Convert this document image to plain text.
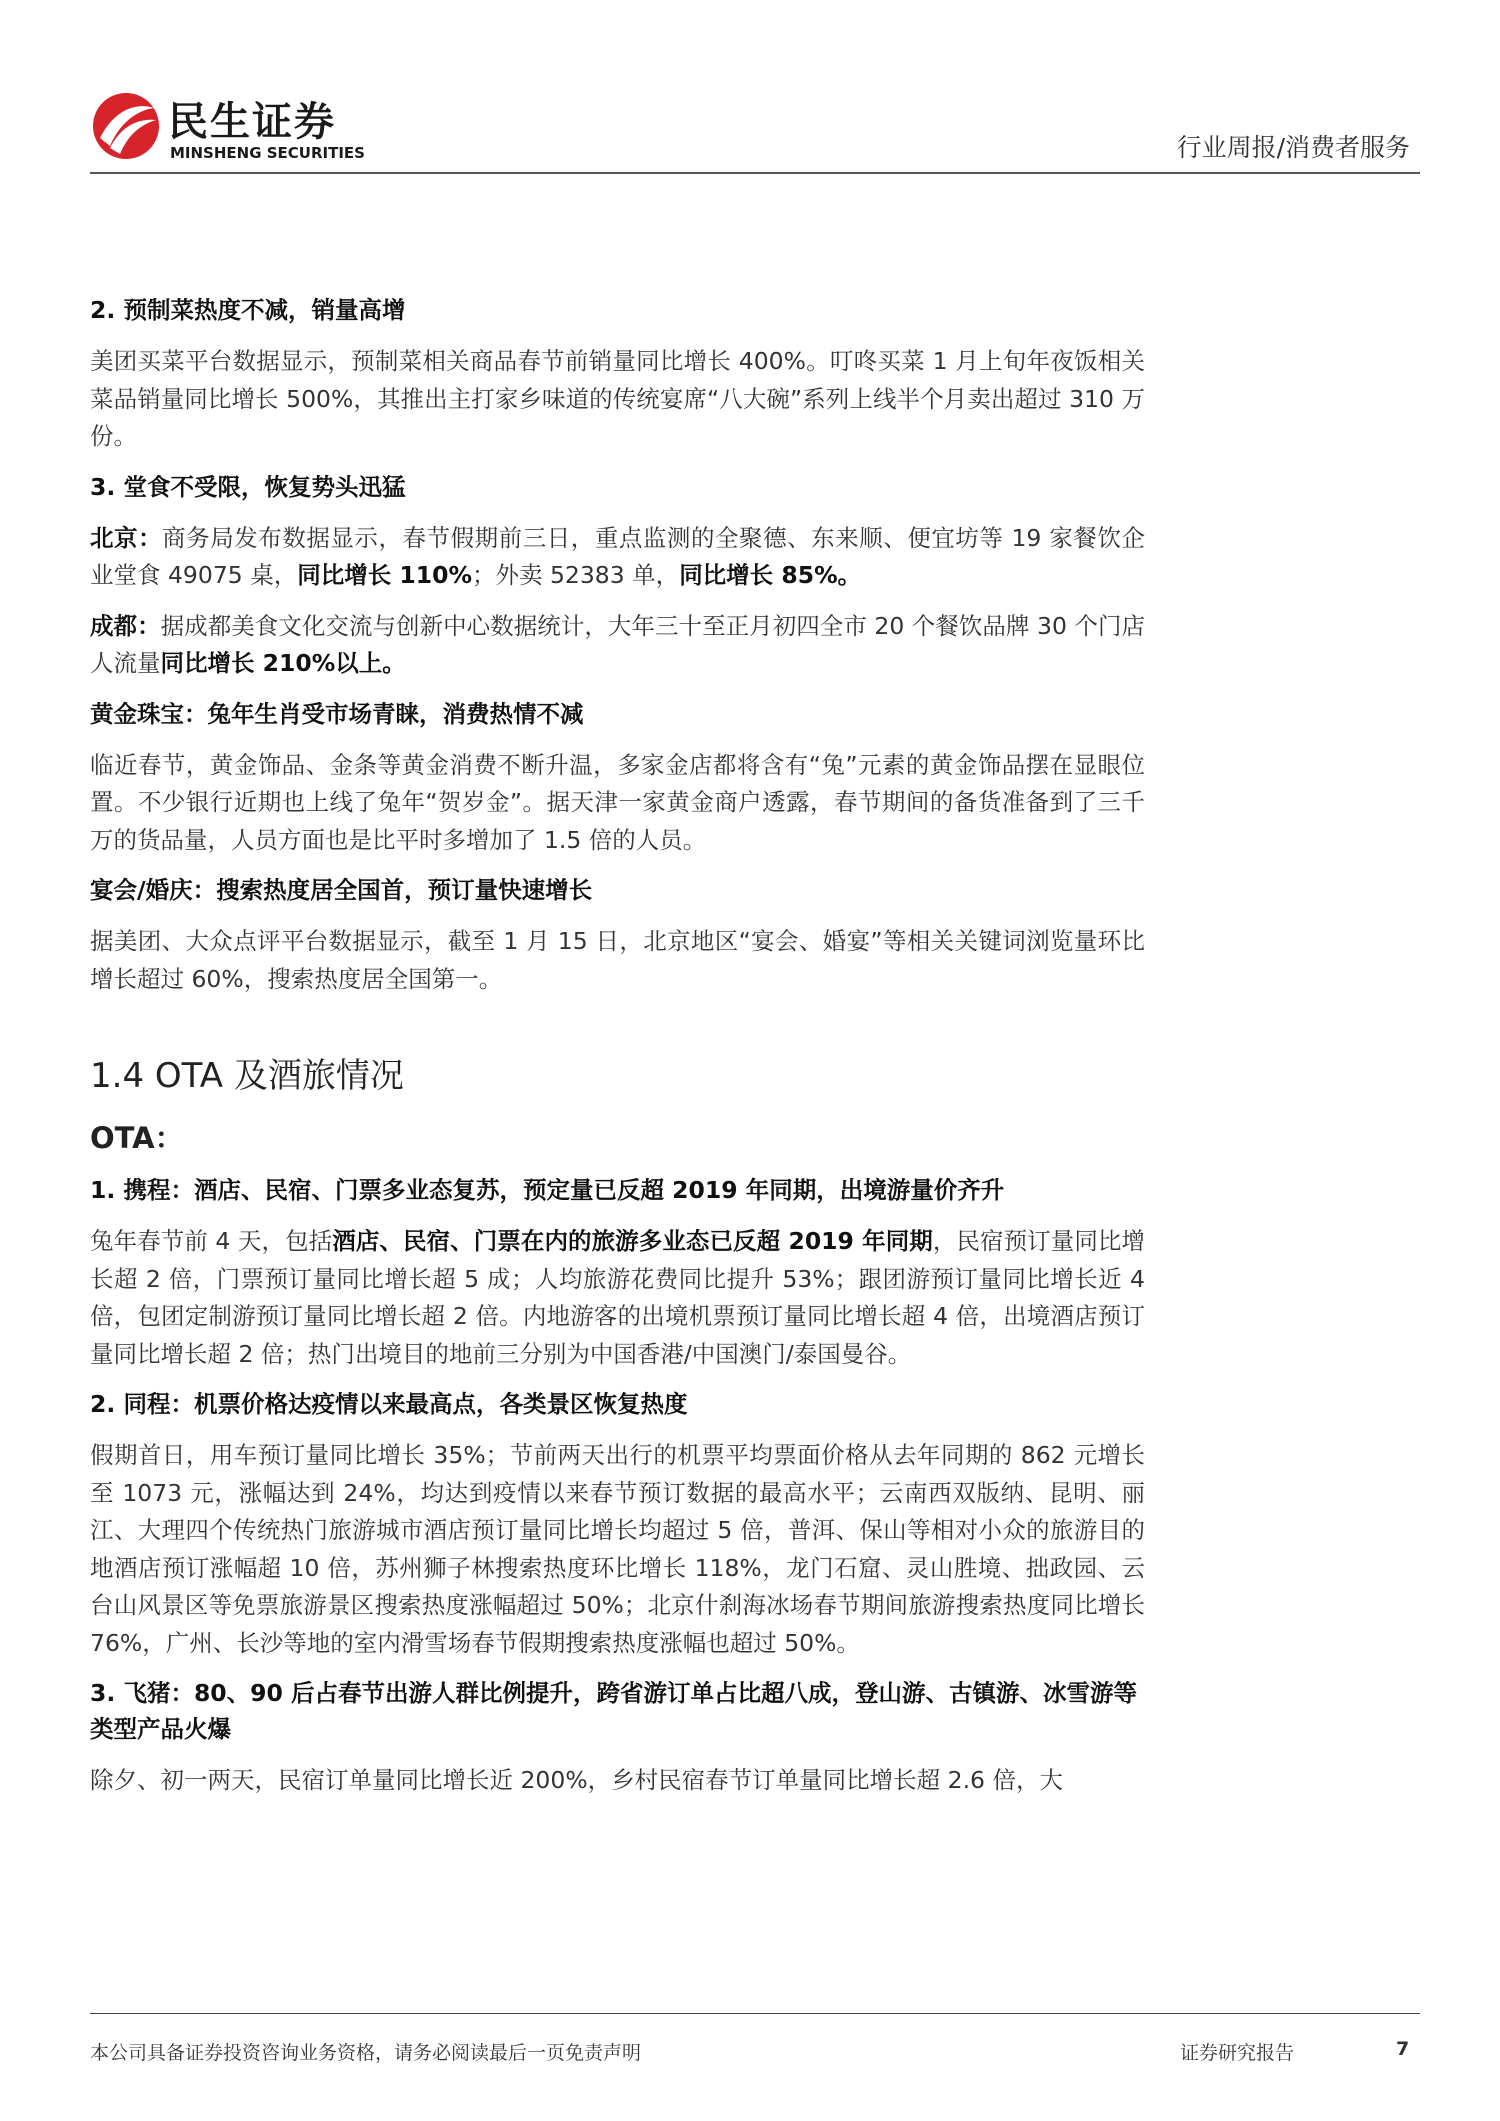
民生证券
MINSHENG SECURITIES	行业周报/消费者服务
2. 预制菜热度不减，销量高增
美团买菜平台数据显示，预制菜相关商品春节前销量同比增长 400%。叮咚买菜 1 月上旬年夜饭相关菜品销量同比增长 500%，其推出主打家乡味道的传统宴席“八大碗”系列上线半个月卖出超过 310 万份。
3. 堂食不受限，恢复势头迅猛
北京：商务局发布数据显示，春节假期前三日，重点监测的全聚德、东来顺、便宜坊等 19 家餐饮企业堂食 49075 桌，同比增长 110%；外卖 52383 单，同比增长 85%。
成都：据成都美食文化交流与创新中心数据统计，大年三十至正月初四全市 20 个餐饮品牌 30 个门店人流量同比增长 210%以上。
黄金珠宝：兔年生肖受市场青睐，消费热情不减
临近春节，黄金饰品、金条等黄金消费不断升温，多家金店都将含有“兔”元素的黄金饰品摆在显眼位置。不少银行近期也上线了兔年“贺岁金”。据天津一家黄金商户透露，春节期间的备货准备到了三千万的货品量，人员方面也是比平时多增加了 1.5 倍的人员。
宴会/婚庆：搜索热度居全国首，预订量快速增长
据美团、大众点评平台数据显示，截至 1 月 15 日，北京地区“宴会、婚宴”等相关关键词浏览量环比增长超过 60%，搜索热度居全国第一。
1.4 OTA 及酒旅情况
OTA：
1. 携程：酒店、民宿、门票多业态复苏，预定量已反超 2019 年同期，出境游量价齐升
兔年春节前 4 天，包括酒店、民宿、门票在内的旅游多业态已反超 2019 年同期，民宿预订量同比增长超 2 倍，门票预订量同比增长超 5 成；人均旅游花费同比提升 53%；跟团游预订量同比增长近 4 倍，包团定制游预订量同比增长超 2 倍。内地游客的出境机票预订量同比增长超 4 倍，出境酒店预订量同比增长超 2 倍；热门出境目的地前三分别为中国香港/中国澳门/泰国曼谷。
2. 同程：机票价格达疫情以来最高点，各类景区恢复热度
假期首日，用车预订量同比增长 35%；节前两天出行的机票平均票面价格从去年同期的 862 元增长至 1073 元，涨幅达到 24%，均达到疫情以来春节预订数据的最高水平；云南西双版纳、昆明、丽江、大理四个传统热门旅游城市酒店预订量同比增长均超过 5 倍，普洱、保山等相对小众的旅游目的地酒店预订涨幅超 10 倍，苏州狮子林搜索热度环比增长 118%，龙门石窟、灵山胜境、拙政园、云台山风景区等免票旅游景区搜索热度涨幅超过 50%；北京什刹海冰场春节期间旅游搜索热度同比增长 76%，广州、长沙等地的室内滑雪场春节假期搜索热度涨幅也超过 50%。
3. 飞猪：80、90 后占春节出游人群比例提升，跨省游订单占比超八成，登山游、古镇游、冰雪游等类型产品火爆
除夕、初一两天，民宿订单量同比增长近 200%，乡村民宿春节订单量同比增长超 2.6 倍，大
本公司具备证券投资咨询业务资格，请务必阅读最后一页免责声明	证券研究报告	7
